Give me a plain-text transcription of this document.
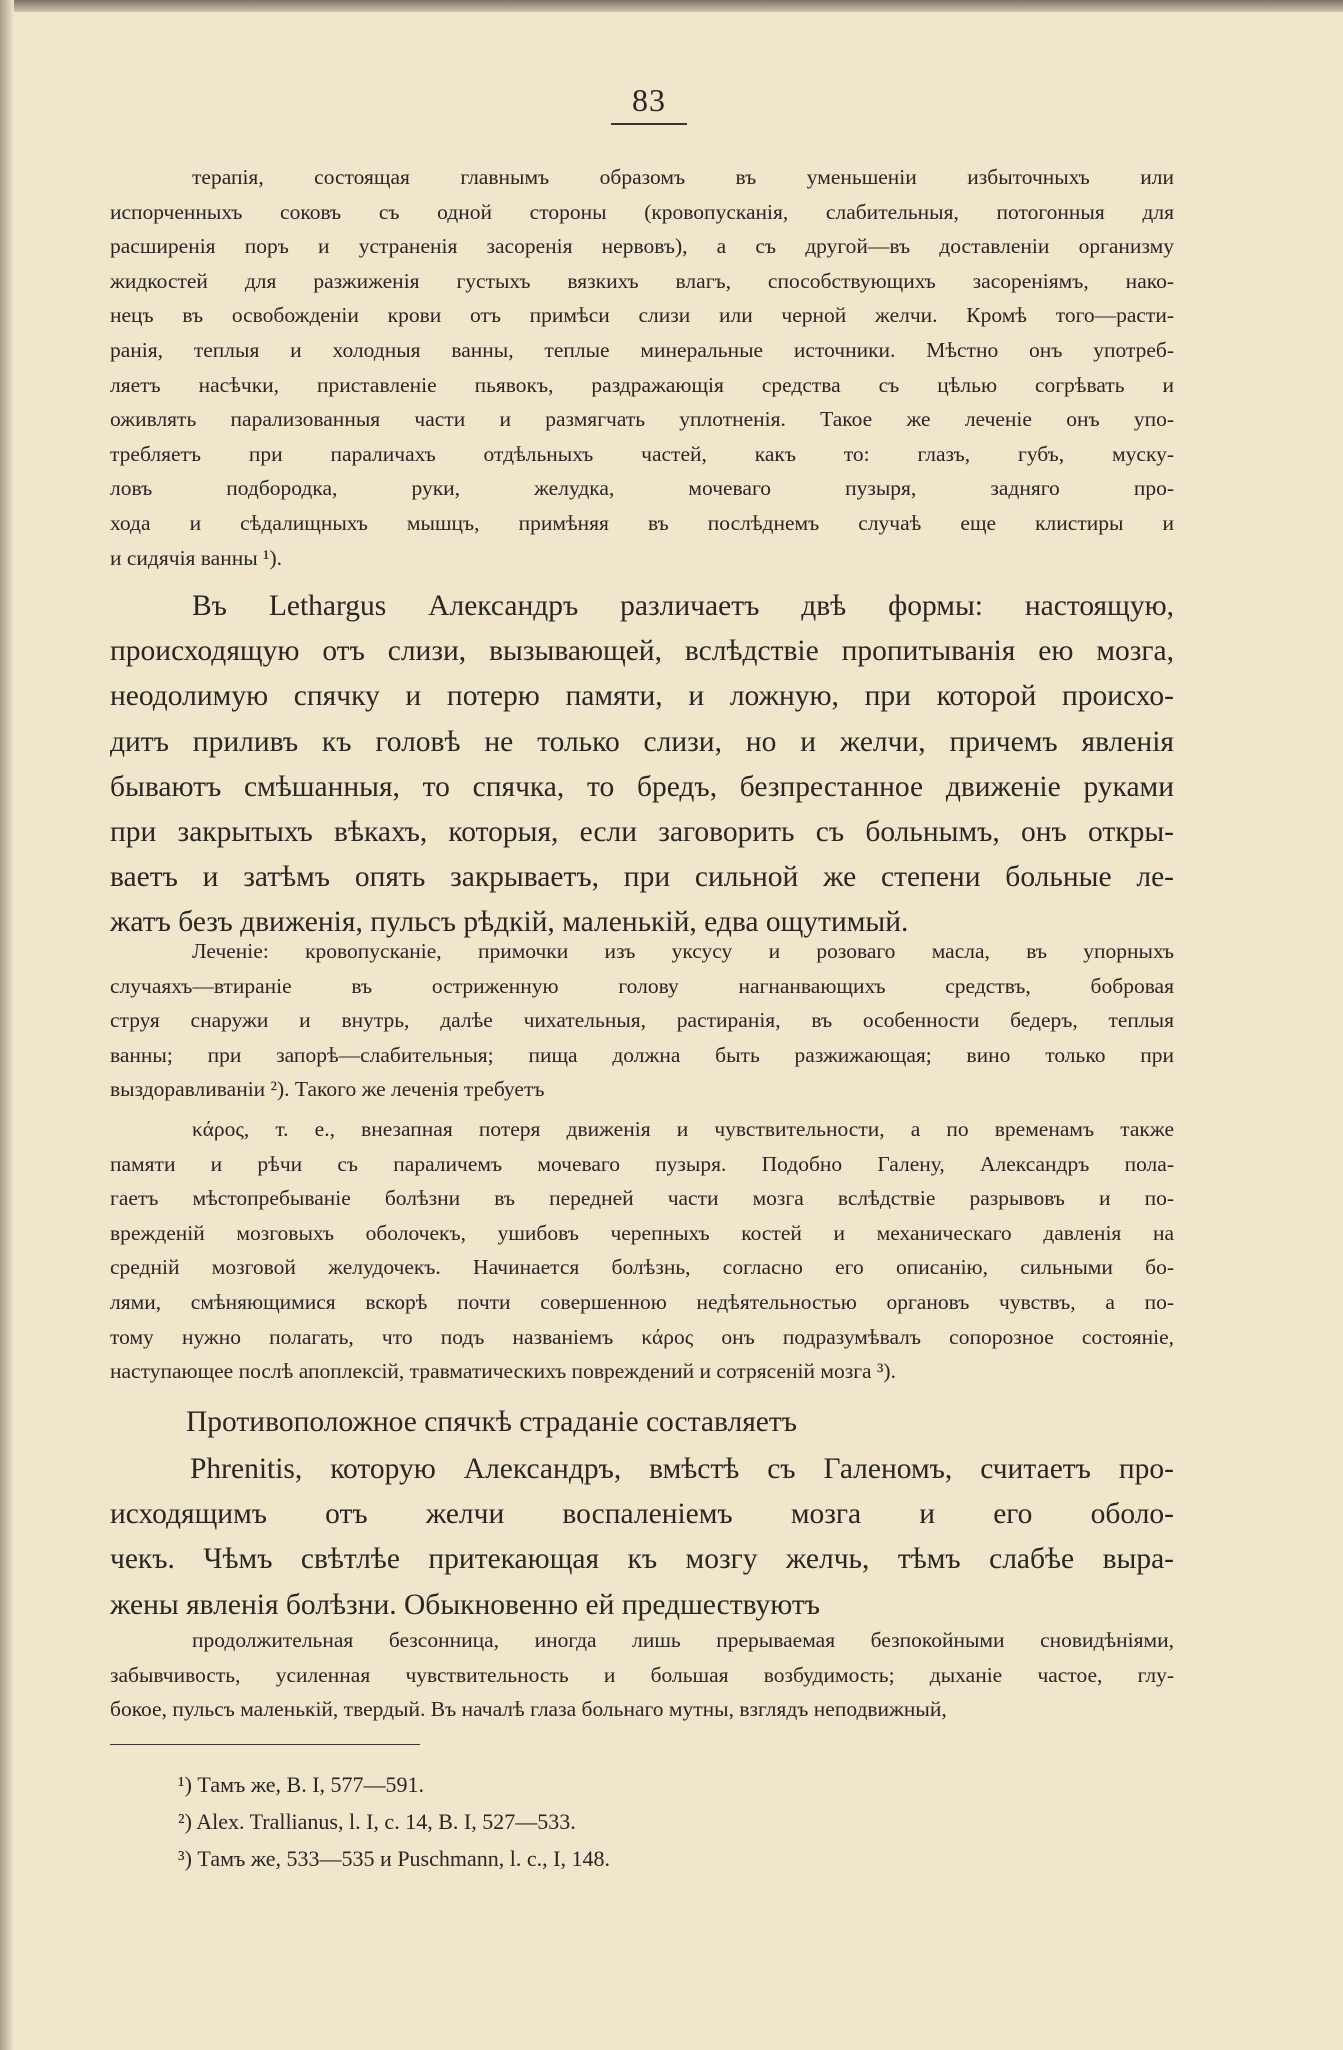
83
терапія, состоящая главнымъ образомъ въ уменьшеніи избыточныхъ или
испорченныхъ соковъ съ одной стороны (кровопусканія, слабительныя, потогонныя для
расширенія поръ и устраненія засоренія нервовъ), а съ другой—въ доставленіи организму
жидкостей для разжиженія густыхъ вязкихъ влагъ, способствующихъ засореніямъ, нако-
нецъ въ освобожденіи крови отъ примѣси слизи или черной желчи. Кромѣ того—расти-
ранія, теплыя и холодныя ванны, теплые минеральные источники. Мѣстно онъ употреб-
ляетъ насѣчки, приставленіе пьявокъ, раздражающія средства съ цѣлью согрѣвать и
оживлять парализованныя части и размягчать уплотненія. Такое же леченіе онъ упо-
требляетъ при параличахъ отдѣльныхъ частей, какъ то: глазъ, губъ, муску-
ловъ подбородка, руки, желудка, мочеваго пузыря, задняго про-
хода и сѣдалищныхъ мышцъ, примѣняя въ послѣднемъ случаѣ еще клистиры и
и сидячія ванны ¹).
Въ Lethargus Александръ различаетъ двѣ формы: настоящую,
происходящую отъ слизи, вызывающей, вслѣдствіе пропитыванія ею мозга,
неодолимую спячку и потерю памяти, и ложную, при которой происхо-
дитъ приливъ къ головѣ не только слизи, но и желчи, причемъ явленія
бываютъ смѣшанныя, то спячка, то бредъ, безпрестанное движеніе руками
при закрытыхъ вѣкахъ, которыя, если заговорить съ больнымъ, онъ откры-
ваетъ и затѣмъ опять закрываетъ, при сильной же степени больные ле-
жатъ безъ движенія, пульсъ рѣдкій, маленькій, едва ощутимый.
Леченіе: кровопусканіе, примочки изъ уксусу и розоваго масла, въ упорныхъ
случаяхъ—втираніе въ остриженную голову нагнанвающихъ средствъ, бобровая
струя снаружи и внутрь, далѣе чихательныя, растиранія, въ особенности бедеръ, теплыя
ванны; при запорѣ—слабительныя; пища должна быть разжижающая; вино только при
выздоравливаніи ²). Такого же леченія требуетъ
κάρος, т. е., внезапная потеря движенія и чувствительности, а по временамъ также
памяти и рѣчи съ параличемъ мочеваго пузыря. Подобно Галену, Александръ пола-
гаетъ мѣстопребываніе болѣзни въ передней части мозга вслѣдствіе разрывовъ и по-
врежденій мозговыхъ оболочекъ, ушибовъ черепныхъ костей и механическаго давленія на
средній мозговой желудочекъ. Начинается болѣзнь, согласно его описанію, сильными бо-
лями, смѣняющимися вскорѣ почти совершенною недѣятельностью органовъ чувствъ, а по-
тому нужно полагать, что подъ названіемъ κάρος онъ подразумѣвалъ сопорозное состояніе,
наступающее послѣ апоплексій, травматическихъ повреждений и сотрясеній мозга ³).
Противоположное спячкѣ страданіе составляетъ
Phrenitis, которую Александръ, вмѣстѣ съ Галеномъ, считаетъ про-
исходящимъ отъ желчи воспаленіемъ мозга и его оболо-
чекъ. Чѣмъ свѣтлѣе притекающая къ мозгу желчь, тѣмъ слабѣе выра-
жены явленія болѣзни. Обыкновенно ей предшествуютъ
продолжительная безсонница, иногда лишь прерываемая безпокойными сновидѣніями,
забывчивость, усиленная чувствительность и большая возбудимость; дыханіе частое, глу-
бокое, пульсъ маленькій, твердый. Въ началѣ глаза больнаго мутны, взглядъ неподвижный,
¹) Тамъ же, B. I, 577—591.
²) Alex. Trallianus, l. I, c. 14, B. I, 527—533.
³) Тамъ же, 533—535 и Puschmann, l. c., I, 148.
